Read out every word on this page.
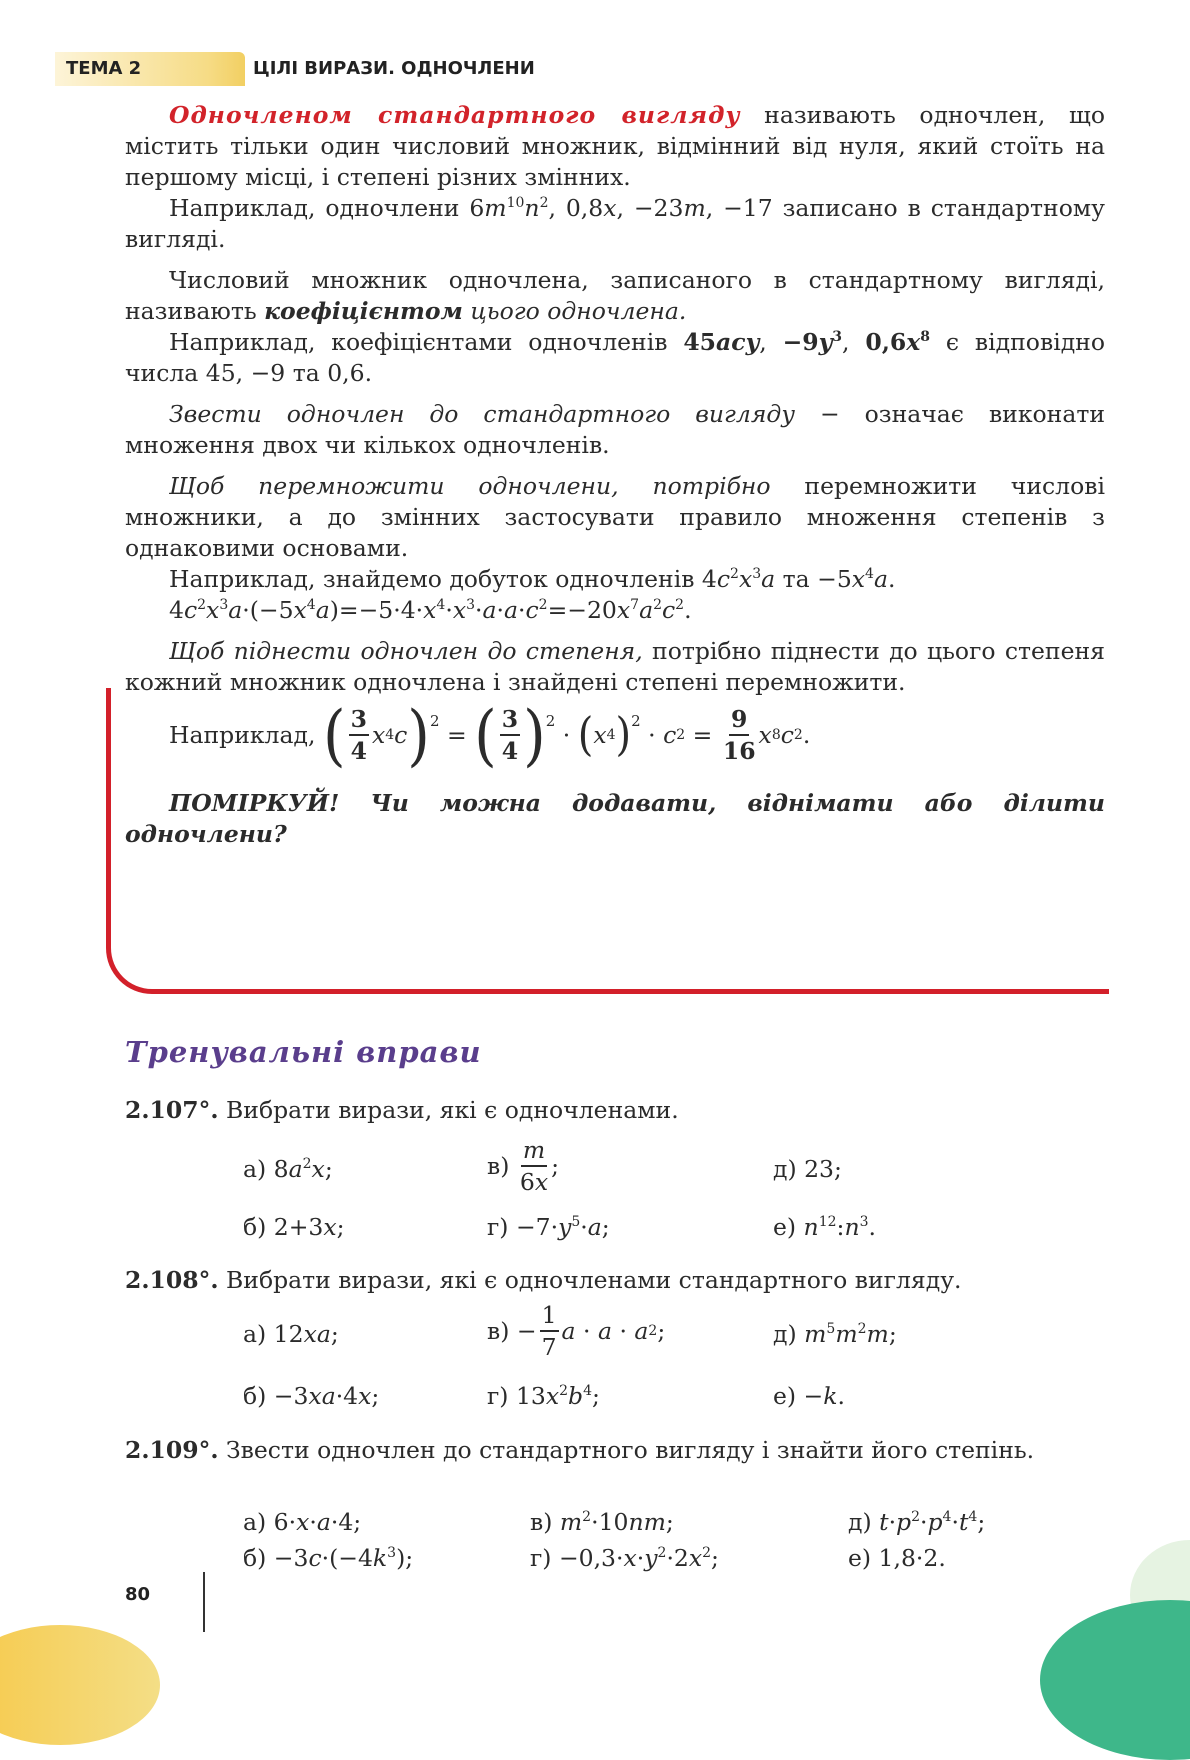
ТЕМА 2	ЦІЛІ ВИРАЗИ. ОДНОЧЛЕНИ

Одночленом стандартного вигляду називають одночлен, що містить тільки один числовий множник, відмінний від нуля, який стоїть на першому місці, і степені різних змінних.

Наприклад, одночлени $6m^{10}n^2$, 0,8x, −23m, −17 записано в стандартному вигляді.

Числовий множник одночлена, записаного в стандартному вигляді, називають коефіцієнтом цього одночлена.

Наприклад, коефіцієнтами одночленів 45acy, $-9y^3$, $0,6x^8$ є відповідно числа 45, −9 та 0,6.

Звести одночлен до стандартного вигляду − означає виконати множення двох чи кількох одночленів.

Щоб перемножити одночлени, потрібно перемножити числові множники, а до змінних застосувати правило множення степенів з однаковими основами.

Наприклад, знайдемо добуток одночленів $4c^2x^3a$ та $-5x^4a$.

$4c^2x^3a\cdot(-5x^4a)=-5\cdot 4\cdot x^4\cdot x^3\cdot a\cdot a\cdot c^2=-20x^7a^2c^2$.

Щоб піднести одночлен до степеня, потрібно піднести до цього степеня кожний множник одночлена і знайдені степені перемножити.

Наприклад,
( $\frac{3}{4}$ x 4 c ) 2 = ( $\frac{3}{4}$ ) 2 · ( x 4 ) 2 · c $2 = \frac{9}{16}$ x 8 c 2 .

ПОМІРКУЙ! Чи можна додавати, віднімати або ділити одночлени?

Тренувальні вправи
2.107°. Вибрати вирази, які є одночленами.
а) $8a^2x$;	$в) \frac{m}{6x}$ ;	д) 23;
б) 2+3x;	$г) -7\cdot y^5\cdot a$;	е) $n^{12}:n^3$.
2.108°. Вибрати вирази, які є одночленами стандартного вигляду.
а) 12xa;	$в) - \frac{1}{7}$ a · a · a 2 ;	д) $m^5m^2m$;
б) −3xa·4x;	г) $13x^2b^4$;	е) −k.
2.109°. Звести одночлен до стандартного вигляду і знайти його степінь.
а) 6·x·a·4;	в) $m^2\cdot 10nm$;	д) $t\cdot p^2\cdot p^4\cdot t^4$;
$б) -3c\cdot(-4k^3)$;	$г) -0,3\cdot x\cdot y^2\cdot 2x^2$;	е) 1,8·2.
80
